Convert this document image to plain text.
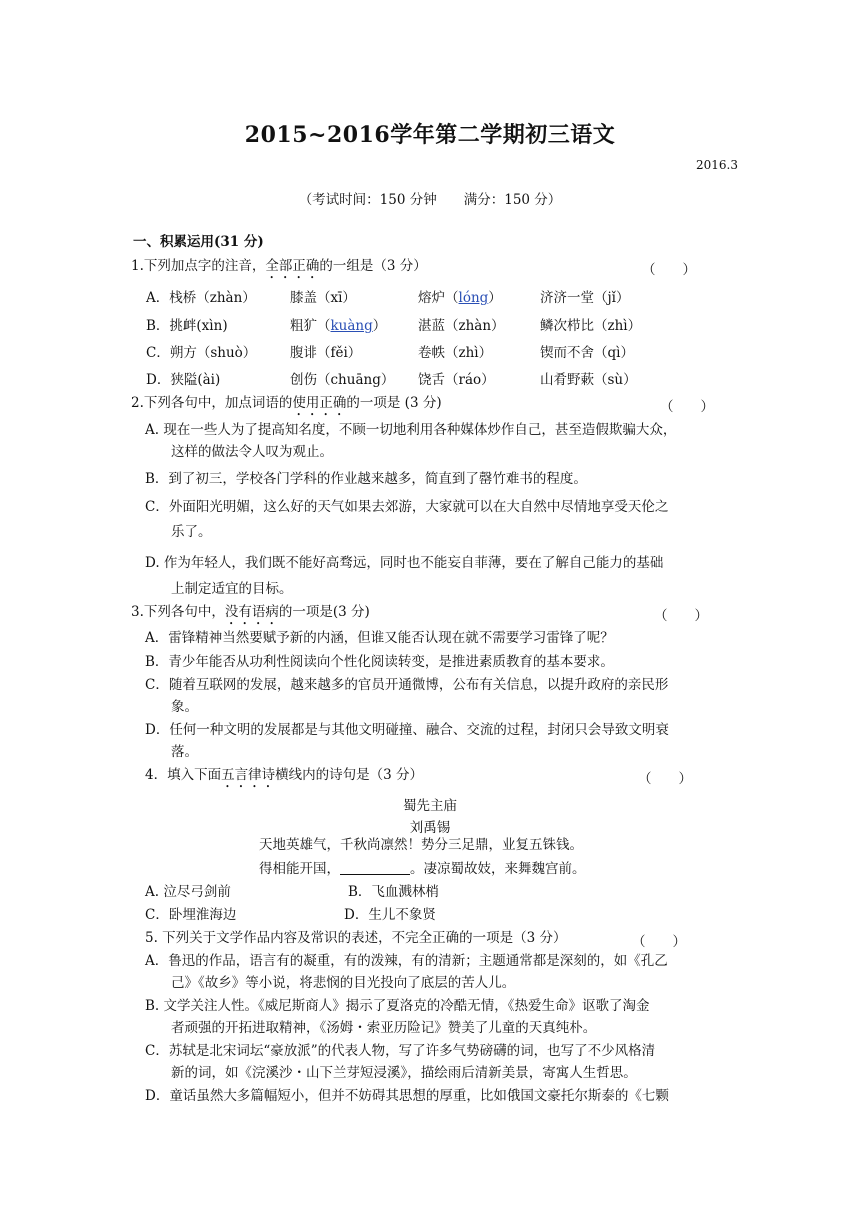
2015~2016学年第二学期初三语文
2016.3
（考试时间：150 分钟　　满分：150 分）
一、积累运用(31 分)
1.下列加点字的注音，全部正确的一组是（3 分）	（　　）
A．栈桥（zhàn）	膝盖（xī）	熔炉（lóng）	济济一堂（jǐ）
B．挑衅(xìn)	粗犷（kuàng） 湛蓝（zhàn）	鳞次栉比（zhì）
C．朔方（shuò） 腹诽（fěi）	卷帙（zhì）	锲而不舍（qì）
D．狭隘(ài)	创伤（chuāng） 饶舌（ráo）	山肴野蔌（sù）
2.下列各句中，加点词语的使用正确的一项是 (3 分)	（　　）
A. 现在一些人为了提高知名度，不顾一切地利用各种媒体炒作自己，甚至造假欺骗大众，
这样的做法令人叹为观止。
B．到了初三，学校各门学科的作业越来越多，简直到了罄竹难书的程度。
C．外面阳光明媚，这么好的天气如果去郊游，大家就可以在大自然中尽情地享受天伦之
乐了。
D. 作为年轻人，我们既不能好高骛远，同时也不能妄自菲薄，要在了解自己能力的基础
上制定适宜的目标。
3.下列各句中，没有语病的一项是(3 分)	（　　）
A．雷锋精神当然要赋予新的内涵，但谁又能否认现在就不需要学习雷锋了呢？
B．青少年能否从功利性阅读向个性化阅读转变，是推进素质教育的基本要求。
C．随着互联网的发展，越来越多的官员开通微博，公布有关信息，以提升政府的亲民形
象。
D．任何一种文明的发展都是与其他文明碰撞、融合、交流的过程，封闭只会导致文明衰
落。
4．填入下面五言律诗横线内的诗句是（3 分）	（　　）
蜀先主庙
刘禹锡
天地英雄气，千秋尚凛然！势分三足鼎，业复五铢钱。
得相能开国，	。凄凉蜀故妓，来舞魏宫前。
A. 泣尽弓剑前	B．飞血溅林梢
C．卧埋淮海边	D．生儿不象贤
5. 下列关于文学作品内容及常识的表述，不完全正确的一项是（3 分）	（　　）
A．鲁迅的作品，语言有的凝重，有的泼辣，有的清新；主题通常都是深刻的，如《孔乙
己》《故乡》等小说，将悲悯的目光投向了底层的苦人儿。
B. 文学关注人性。《威尼斯商人》揭示了夏洛克的冷酷无情，《热爱生命》讴歌了淘金
者顽强的开拓进取精神，《汤姆・索亚历险记》赞美了儿童的天真纯朴。
C．苏轼是北宋词坛“豪放派”的代表人物，写了许多气势磅礴的词，也写了不少风格清
新的词，如《浣溪沙・山下兰芽短浸溪》，描绘雨后清新美景，寄寓人生哲思。
D．童话虽然大多篇幅短小，但并不妨碍其思想的厚重，比如俄国文豪托尔斯泰的《七颗
